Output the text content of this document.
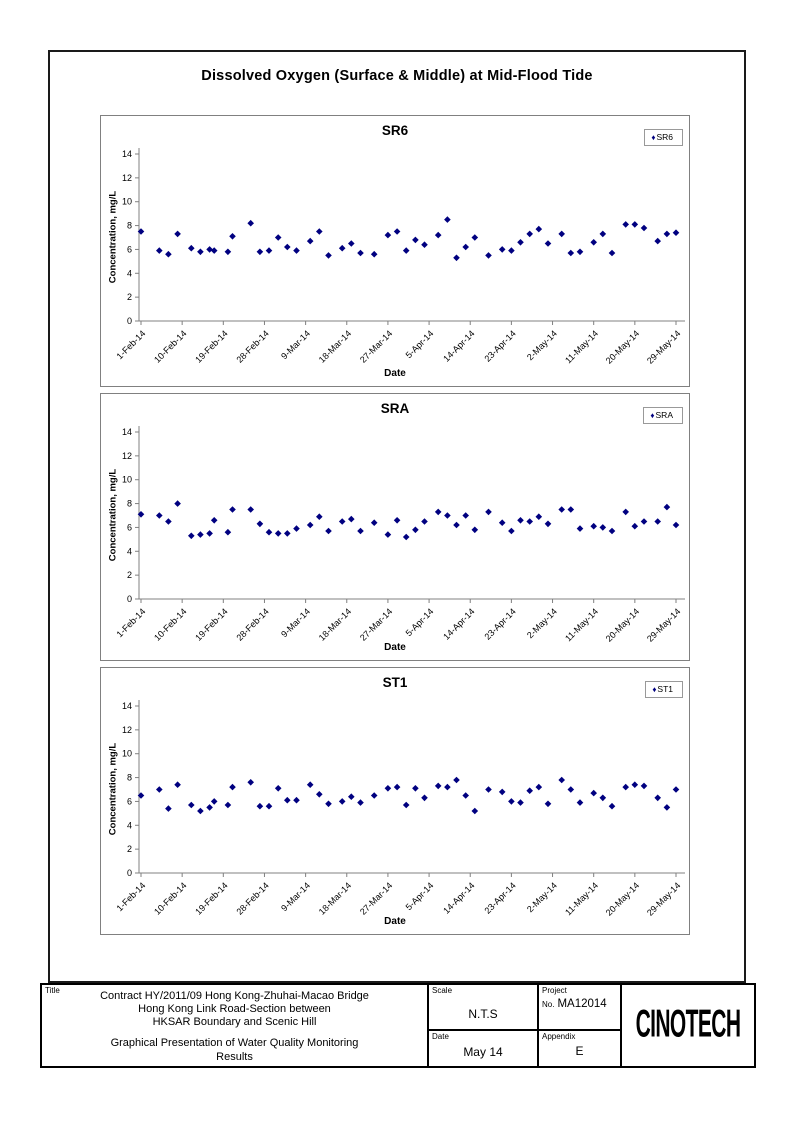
Dissolved Oxygen (Surface & Middle) at Mid-Flood Tide
0
2
4
6
8
10
12
14
1-Feb-14 10-Feb-14 19-Feb-14 28-Feb-14 9-Mar-14 18-Mar-14 27-Mar-14 5-Apr-14 14-Apr-14 23-Apr-14 2-May-14 11-May-14 20-May-14 29-May-14
SR6	♦SR6
Concentration, mg/L
Date
0
2
4
6
8
10
12
14
1-Feb-14 10-Feb-14 19-Feb-14 28-Feb-14 9-Mar-14 18-Mar-14 27-Mar-14 5-Apr-14 14-Apr-14 23-Apr-14 2-May-14 11-May-14 20-May-14 29-May-14
SRA	♦SRA
Concentration, mg/L
Date
0
2
4
6
8
10
12
14
1-Feb-14 10-Feb-14 19-Feb-14 28-Feb-14 9-Mar-14 18-Mar-14 27-Mar-14 5-Apr-14 14-Apr-14 23-Apr-14 2-May-14 11-May-14 20-May-14 29-May-14
ST1	♦ST1
Concentration, mg/L
Date
Title	Contract HY/2011/09 Hong Kong-Zhuhai-Macao Bridge
Hong Kong Link Road-Section between
HKSAR Boundary and Scenic Hill
Graphical Presentation of Water Quality Monitoring
Results
Scale
N.T.S
Project
No. MA12014
Date
May 14
Appendix
E
CINOTECH
